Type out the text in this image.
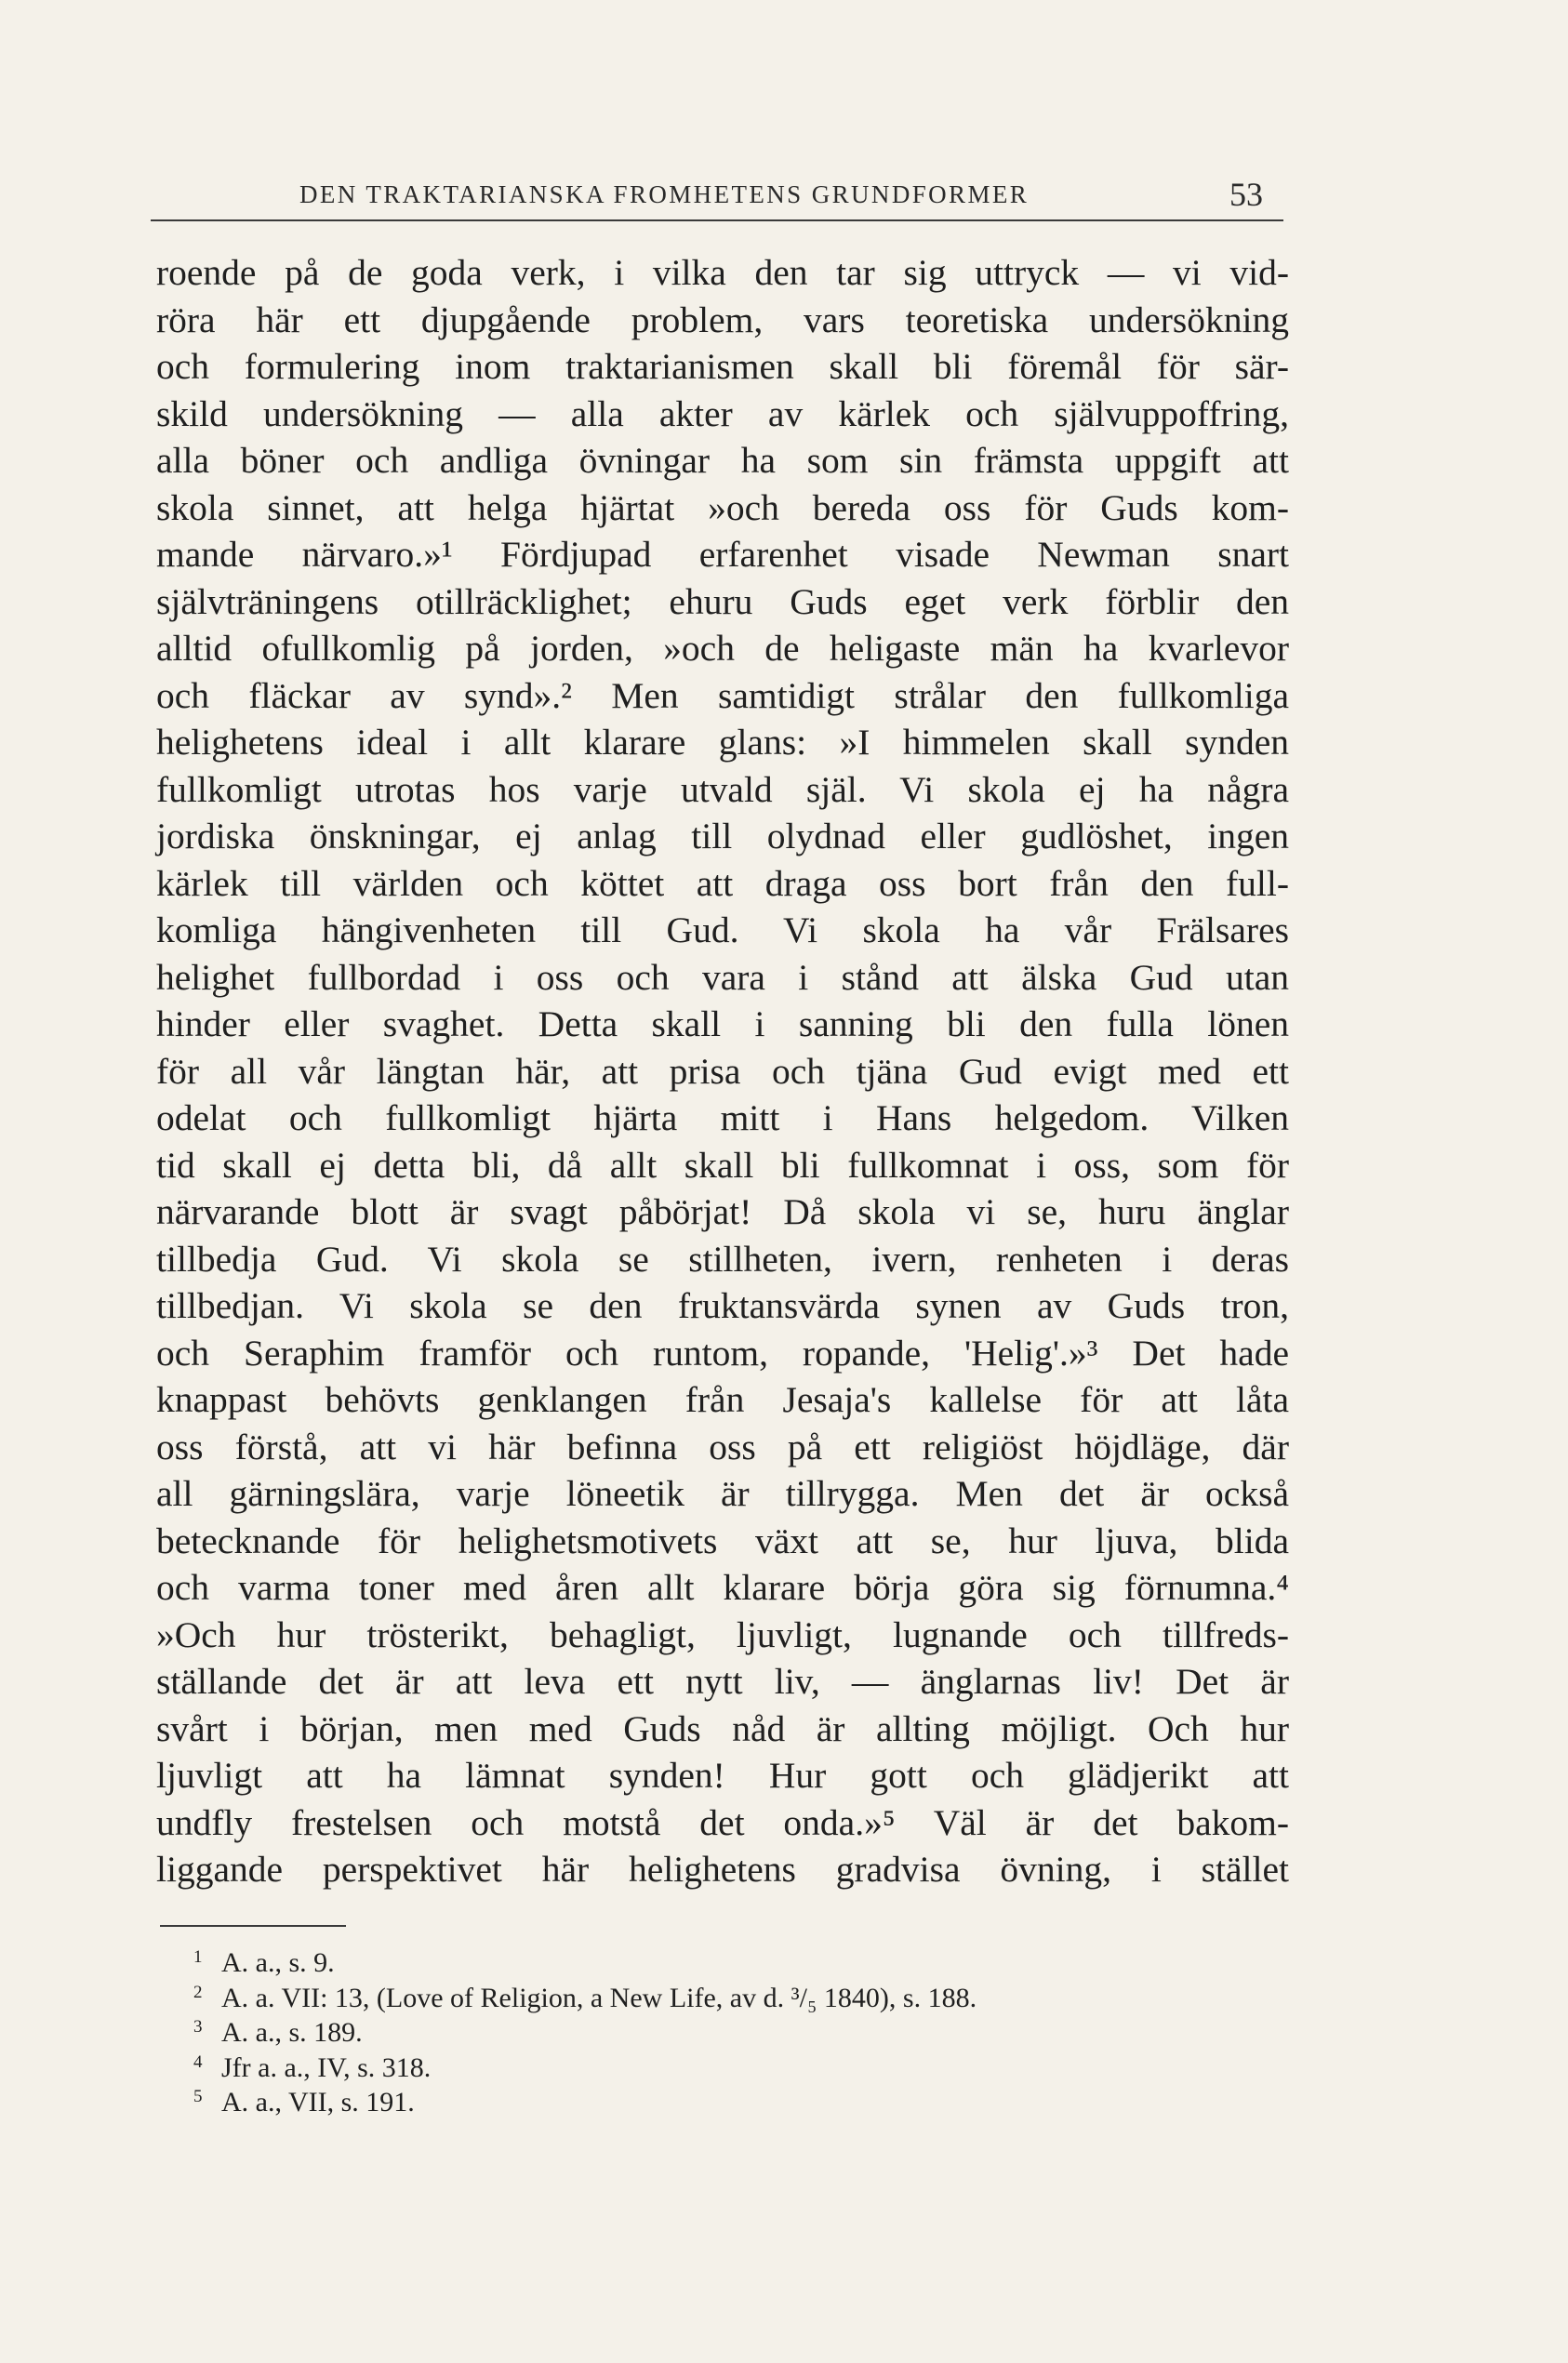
DEN TRAKTARIANSKA FROMHETENS GRUNDFORMER	53
roende på de goda verk, i vilka den tar sig uttryck — vi vid-
röra här ett djupgående problem, vars teoretiska undersökning
och formulering inom traktarianismen skall bli föremål för sär-
skild undersökning — alla akter av kärlek och självuppoffring,
alla böner och andliga övningar ha som sin främsta uppgift att
skola sinnet, att helga hjärtat »och bereda oss för Guds kom-
mande närvaro.»¹ Fördjupad erfarenhet visade Newman snart
självträningens otillräcklighet; ehuru Guds eget verk förblir den
alltid ofullkomlig på jorden, »och de heligaste män ha kvarlevor
och fläckar av synd».² Men samtidigt strålar den fullkomliga
helighetens ideal i allt klarare glans: »I himmelen skall synden
fullkomligt utrotas hos varje utvald själ. Vi skola ej ha några
jordiska önskningar, ej anlag till olydnad eller gudlöshet, ingen
kärlek till världen och köttet att draga oss bort från den full-
komliga hängivenheten till Gud. Vi skola ha vår Frälsares
helighet fullbordad i oss och vara i stånd att älska Gud utan
hinder eller svaghet. Detta skall i sanning bli den fulla lönen
för all vår längtan här, att prisa och tjäna Gud evigt med ett
odelat och fullkomligt hjärta mitt i Hans helgedom. Vilken
tid skall ej detta bli, då allt skall bli fullkomnat i oss, som för
närvarande blott är svagt påbörjat! Då skola vi se, huru änglar
tillbedja Gud. Vi skola se stillheten, ivern, renheten i deras
tillbedjan. Vi skola se den fruktansvärda synen av Guds tron,
och Seraphim framför och runtom, ropande, 'Helig'.»³ Det hade
knappast behövts genklangen från Jesaja's kallelse för att låta
oss förstå, att vi här befinna oss på ett religiöst höjdläge, där
all gärningslära, varje löneetik är tillrygga. Men det är också
betecknande för helighetsmotivets växt att se, hur ljuva, blida
och varma toner med åren allt klarare börja göra sig förnumna.⁴
»Och hur trösterikt, behagligt, ljuvligt, lugnande och tillfreds-
ställande det är att leva ett nytt liv, — änglarnas liv! Det är
svårt i början, men med Guds nåd är allting möjligt. Och hur
ljuvligt att ha lämnat synden! Hur gott och glädjerikt att
undfly frestelsen och motstå det onda.»⁵ Väl är det bakom-
liggande perspektivet här helighetens gradvisa övning, i stället
1 A. a., s. 9.
2 A. a. VII: 13, (Love of Religion, a New Life, av d. ³/₅ 1840), s. 188.
3 A. a., s. 189.
4 Jfr a. a., IV, s. 318.
5 A. a., VII, s. 191.
